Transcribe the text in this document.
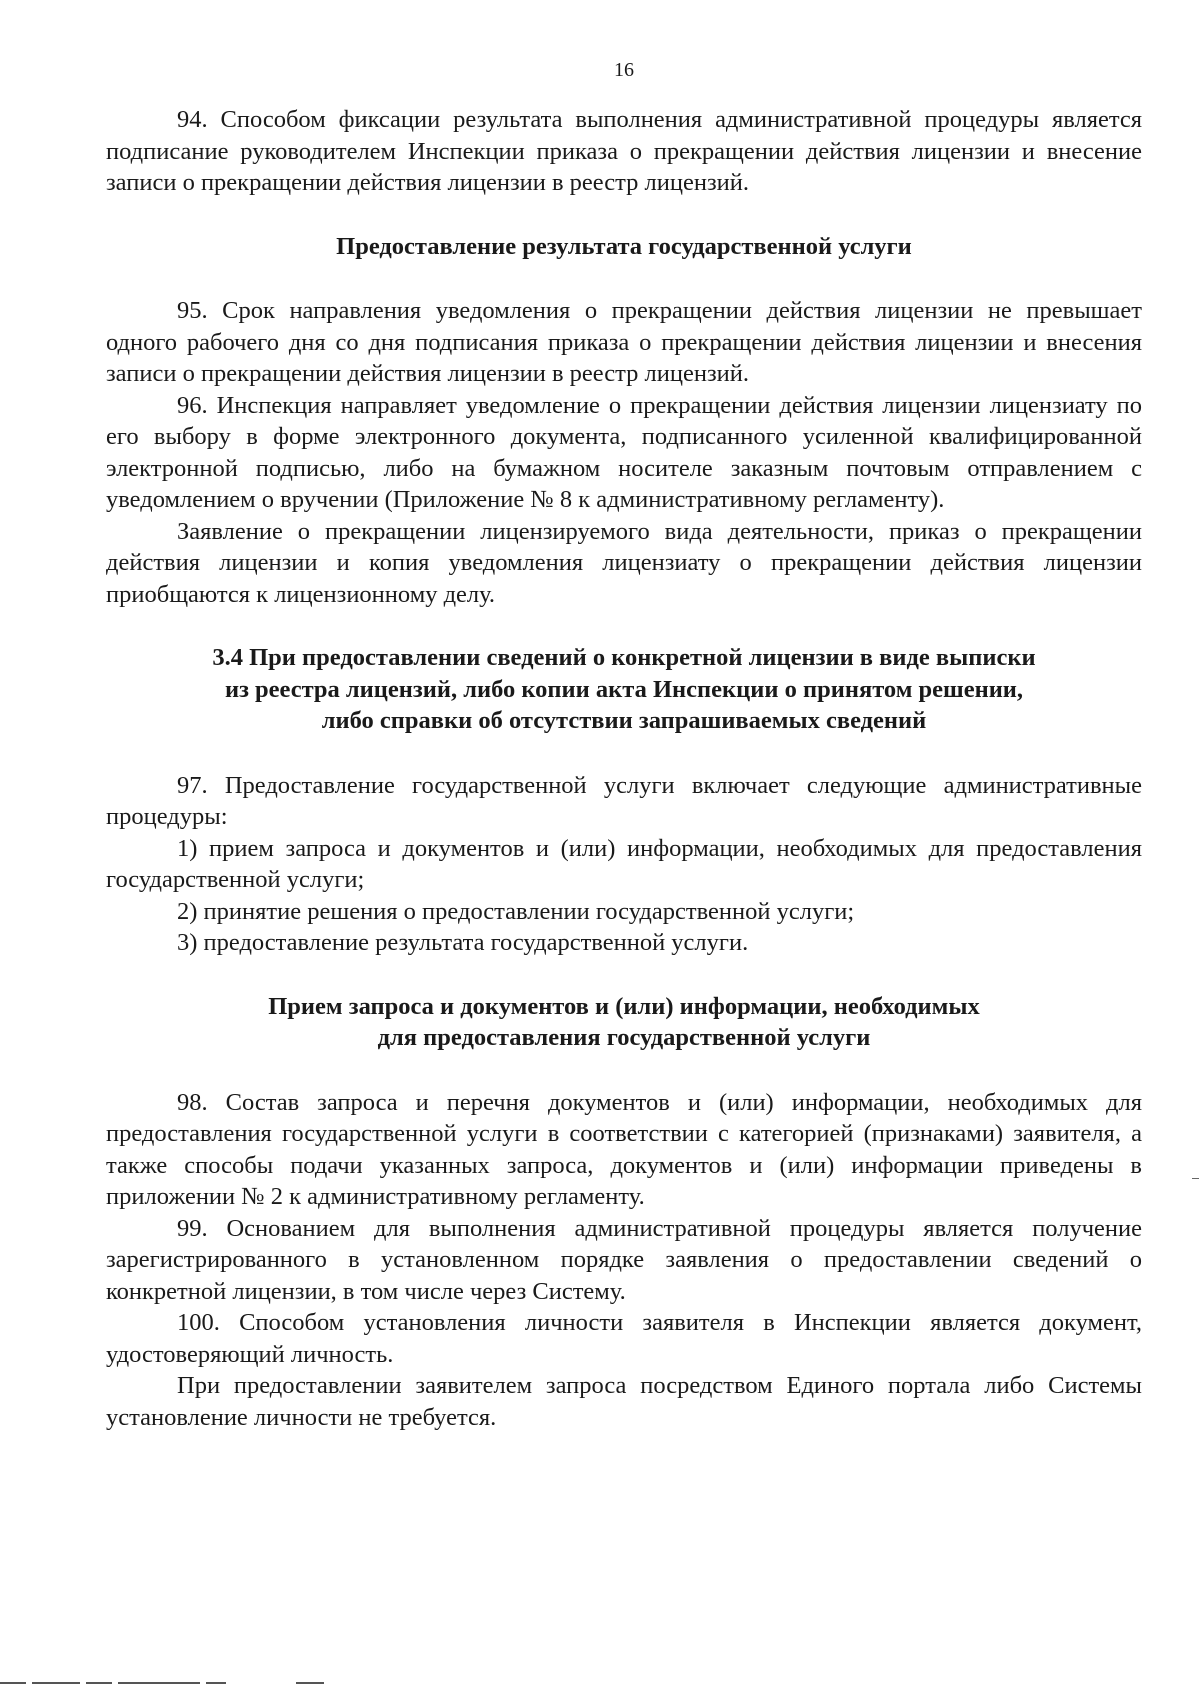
16

94. Способом фиксации результата выполнения административной процедуры является подписание руководителем Инспекции приказа о прекращении действия лицензии и внесение записи о прекращении действия лицензии в реестр лицензий.

Предоставление результата государственной услуги

95. Срок направления уведомления о прекращении действия лицензии не превышает одного рабочего дня со дня подписания приказа о прекращении действия лицензии и внесения записи о прекращении действия лицензии в реестр лицензий.

96. Инспекция направляет уведомление о прекращении действия лицензии лицензиату по его выбору в форме электронного документа, подписанного усиленной квалифицированной электронной подписью, либо на бумажном носителе заказным почтовым отправлением с уведомлением о вручении (Приложение № 8 к административному регламенту).

Заявление о прекращении лицензируемого вида деятельности, приказ о прекращении действия лицензии и копия уведомления лицензиату о прекращении действия лицензии приобщаются к лицензионному делу.

3.4 При предоставлении сведений о конкретной лицензии в виде выписки
из реестра лицензий, либо копии акта Инспекции о принятом решении,
либо справки об отсутствии запрашиваемых сведений

97. Предоставление государственной услуги включает следующие административные процедуры:

1) прием запроса и документов и (или) информации, необходимых для предоставления государственной услуги;

2) принятие решения о предоставлении государственной услуги;

3) предоставление результата государственной услуги.

Прием запроса и документов и (или) информации, необходимых
для предоставления государственной услуги

98. Состав запроса и перечня документов и (или) информации, необходимых для предоставления государственной услуги в соответствии с категорией (признаками) заявителя, а также способы подачи указанных запроса, документов и (или) информации приведены в приложении № 2 к административному регламенту.

99. Основанием для выполнения административной процедуры является получение зарегистрированного в установленном порядке заявления о предоставлении сведений о конкретной лицензии, в том числе через Систему.

100. Способом установления личности заявителя в Инспекции является документ, удостоверяющий личность.

При предоставлении заявителем запроса посредством Единого портала либо Системы установление личности не требуется.
